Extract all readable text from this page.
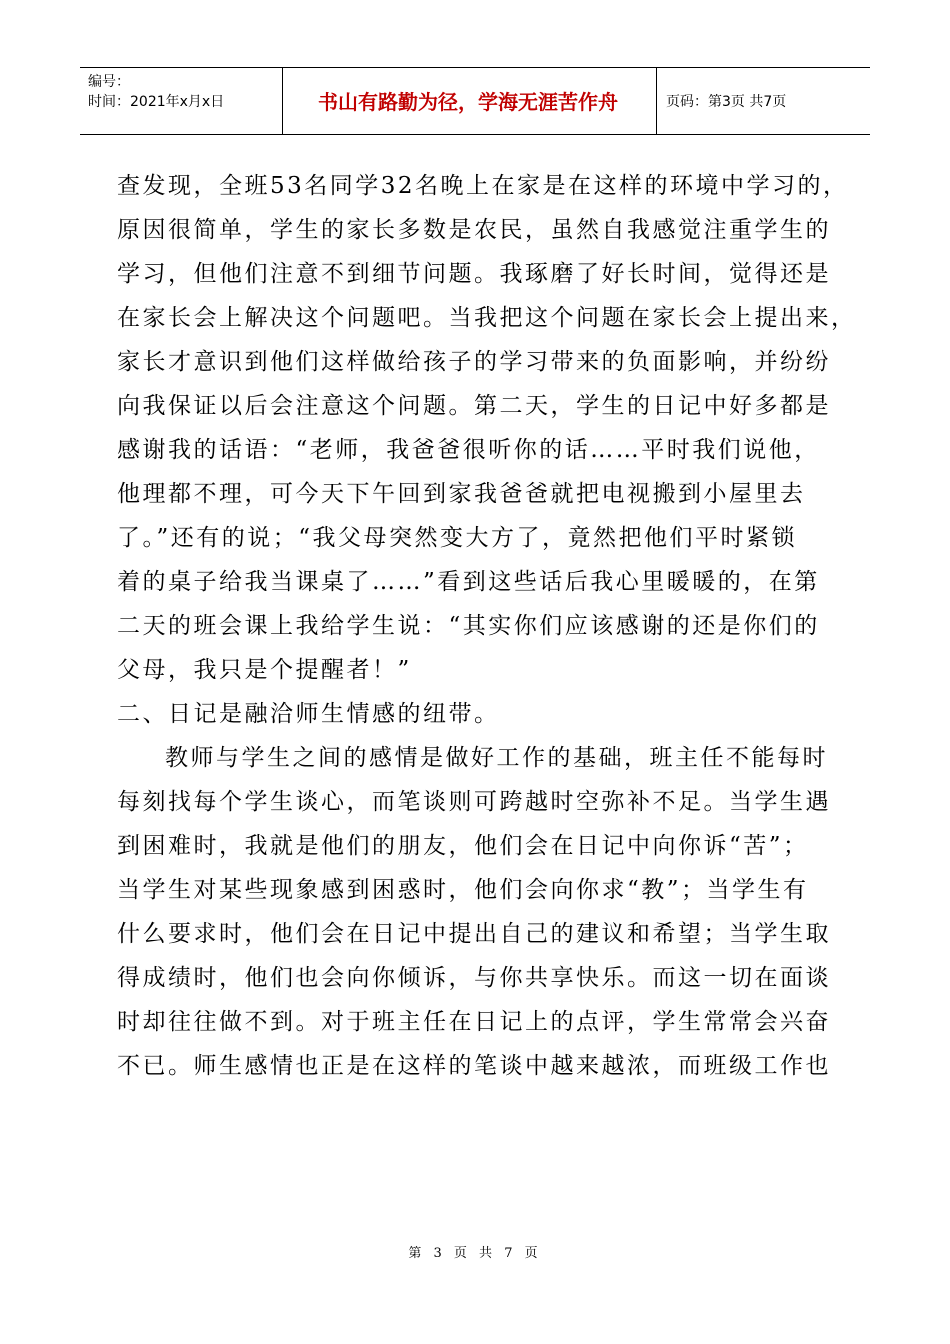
编号：
时间：2021年x月x日	书山有路勤为径，学海无涯苦作舟	页码：第3页 共7页
查发现，全班53名同学32名晚上在家是在这样的环境中学习的，
原因很简单，学生的家长多数是农民，虽然自我感觉注重学生的
学习，但他们注意不到细节问题。我琢磨了好长时间，觉得还是
在家长会上解决这个问题吧。当我把这个问题在家长会上提出来，
家长才意识到他们这样做给孩子的学习带来的负面影响，并纷纷
向我保证以后会注意这个问题。第二天，学生的日记中好多都是
感谢我的话语：“老师，我爸爸很听你的话……平时我们说他，
他理都不理，可今天下午回到家我爸爸就把电视搬到小屋里去
了。”还有的说；“我父母突然变大方了，竟然把他们平时紧锁
着的桌子给我当课桌了……”看到这些话后我心里暖暖的，在第
二天的班会课上我给学生说：“其实你们应该感谢的还是你们的
父母，我只是个提醒者！”
二、日记是融洽师生情感的纽带。
教师与学生之间的感情是做好工作的基础，班主任不能每时
每刻找每个学生谈心，而笔谈则可跨越时空弥补不足。当学生遇
到困难时，我就是他们的朋友，他们会在日记中向你诉“苦”；
当学生对某些现象感到困惑时，他们会向你求“教”；当学生有
什么要求时，他们会在日记中提出自己的建议和希望；当学生取
得成绩时，他们也会向你倾诉，与你共享快乐。而这一切在面谈
时却往往做不到。对于班主任在日记上的点评，学生常常会兴奋
不已。师生感情也正是在这样的笔谈中越来越浓，而班级工作也
第 3 页 共 7 页
